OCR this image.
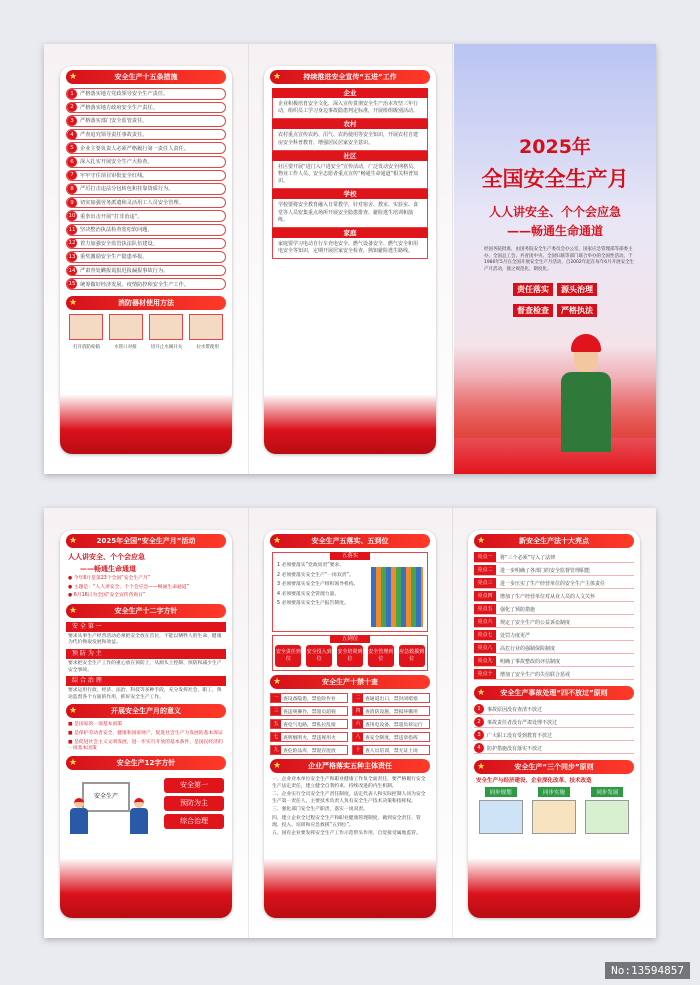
★	安全生产十五条措施
1	严格落实地方党政领导安全生产责任。
2	严格落实地方政府安全生产责任。
3	严格落实部门安全监管责任。
4	严查追究领导责任事故责任。
5	企业主要负责人必须严格履行第一责任人责任。
6	深入扎实开展安全生产大检查。
7	牢牢守住项目审批安全红线。
8	严厉打击违法分包转包和挂靠资质行为。
9	切实加强劳务派遣和灵活用工人员安全管理。
10 重拳出击开展“打非治违”。
11 坚决整治执法检查宽松软问题。
12 着力加强安全监管执法队伍建设。
13 重奖激励安全生产隐患举报。
14 严肃查处瞒报谎报迟报漏报事故行为。
15 统筹做好经济发展、疫情防控和安全生产工作。
★	消防器材使用方法
打开消防栓箱	水管口对接	切开止水阀开关	拉水带使用
★	持续推进安全宣传“五进”工作
企业
企业积极培育安全文化，深入宣传贯彻安全生产治本攻坚三年行动，组织员工学习身边事故隐患判定标准，开展班组级别活动。
农村
农村重点宣传农药、沼气、农药使用等安全知识，开展农村自建房安全科普教育，增强居民居家安全意识。
社区
社区要开展“进门入户进安全”宣传活动，广泛发动安全网格员、物业工作人员、安全志愿者重点宣传“畅通生命通道”相关科普知识。
学校
学校要将安全教育融入日常教学，针对宿舍、教室、实验室、食堂等人员密集重点场所开展安全隐患排查、避险逃生培训和演练。
家庭
家庭要学习电动自行车充电安全、燃气设备安全、燃气安全和用电安全等知识，定期开展居家安全检查，熟知避险逃生路线。
2025年
全国安全生产月
人人讲安全、个个会应急
——畅通生命通道
经国务院批准，由国务院安全生产委员会办公室、国家应急管理部等部委主办，全国总工会、共青团中央、全国妇联等部门联合举办的全国性活动。于1980年5月在全国开展安全生产月活动，自2002年起在每年6月开展安全生产月活动，使之规范化、制度化。
责任落实 源头治理
督查检查 严格执法
★	2025年全国“安全生产月”活动
人人讲安全、个个会应急
——畅通生命通道
● 今年6月是第23个全国“安全生产月”
● 主题是：“人人讲安全、个个会应急——畅通生命通道”
● 6月16日为全国“安全宣传咨询日”
★	安全生产十二字方针
安 全 第 一
要求从事生产经营活动必须把安全放在首位，不能以牺牲人的生命、健康为代价换取发展和效益。
预 防 为 主
要求把安全生产工作的重心放在预防上，从源头上控制、预防和减少生产安全事故。
综 合 治 理
要求运用行政、经济、法治、科技等多种手段，充分发挥社会、职工、舆论监督各个方面的作用，抓好安全生产工作。
★	开展安全生产月的意义
■ 是国家的一项基本国策
■ 是保护劳动者安全、健康和国家财产，促进社会生产力发展的基本保证
■ 是促进社会主义文明发展，进一步实行开放的基本条件，是国民经济的一项基本国策
★	安全生产12字方针
安全生产
安全第一
预防为主
综合治理
★	安全生产五落实、五到位
五落实
1 必须要落实“党政同责”要求。
2 必须要落实安全生产“一岗双责”。
3 必须要落实安全生产组织领导机构。
4 必须要落实安全管理力量。
5 必须要落实安全生产报告制度。
五到位
安全责任到位
安全投入到位
安全培训到位
安全管理到位
应急救援到位
★	安全生产十禁十查
一 查设备隐患，禁危险作业	二 查通道出口，禁封闭堵塞
三 查违规操作，禁超员超载	四 查消防设施，禁损坏挪用
五 查电气电路，禁私拉乱接	六 查用电设备，禁超负荷运行
七 查明烟明火，禁违规用火	八 查安全制度，禁违章指挥
九 查危险品库，禁混存混放	十 查人员培训，禁无证上岗
★	企业严格落实五种主体责任
一、企业对本单位安全生产和职业健康工作负全面责任，要严格履行安全生产法定责任，建立健全自我约束、持续改进的内生机制。
二、企业实行全员安全生产责任制度，法定代表人和实际控制人同为安全生产第一责任人，主要技术负责人负有安全生产技术决策和指挥权。
三、强化部门安全生产职责，落实一岗双责。
四、建立企业全过程安全生产和职业健康管理制度，做到安全责任、管理、投入、培训和应急救援“五到位”。
五、国有企业要发挥安全生产工作示范带头作用，自觉接受属地监管。
★	新安全生产法十大亮点
亮点一	将“三个必须”写入了法律
亮点二	进一步明确了各部门的安全监督管理职能
亮点三	进一步压实了生产经营单位的安全生产主体责任
亮点四	增加了生产经营单位对从业人员的人文关怀
亮点五	强化了预防措施
亮点六	规定了安全生产的公益诉讼制度
亮点七	处罚力度更严
亮点八	高危行业的强制保险制度
亮点九	明确了事故整改的评估制度
亮点十	增加了安全生产的失信联合惩戒
★ 安全生产事故处理“四不放过”原则
1	事故原因没有查清不放过
2	事故责任者没有严肃处理不放过
3	广大职工没有受到教育不放过
4	防护措施没有落实不放过
★	安全生产“三个同步”原则
安全生产与经济建设、企业深化改革、技术改造
同步规划	同步实施	同步发展
No:13594857
